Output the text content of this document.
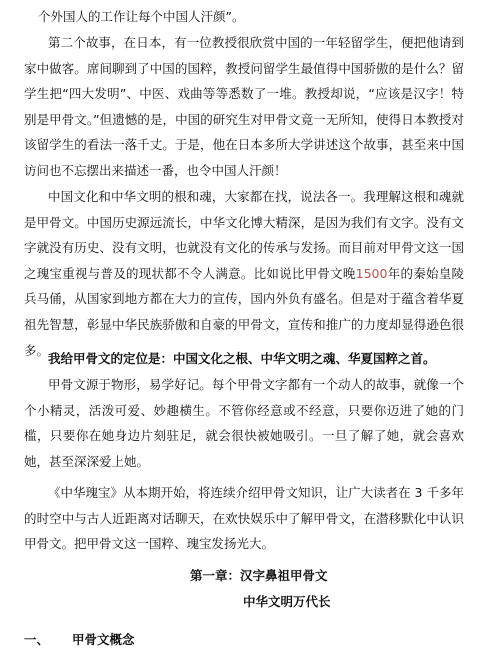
个外国人的工作让每个中国人汗颜”。

第二个故事，在日本，有一位教授很欣赏中国的一年轻留学生，便把他请到家中做客。席间聊到了中国的国粹，教授问留学生最值得中国骄傲的是什么？留学生把“四大发明”、中医、戏曲等等悉数了一堆。教授却说，“应该是汉字！特别是甲骨文。”但遗憾的是，中国的研究生对甲骨文竟一无所知，使得日本教授对该留学生的看法一落千丈。于是，他在日本多所大学讲述这个故事，甚至来中国访问也不忘摆出来描述一番，也令中国人汗颜！

中国文化和中华文明的根和魂，大家都在找，说法各一。我理解这根和魂就是甲骨文。中国历史源远流长，中华文化博大精深，是因为我们有文字。没有文字就没有历史、没有文明，也就没有文化的传承与发扬。而目前对甲骨文这一国之瑰宝重视与普及的现状都不令人满意。比如说比甲骨文晚1500年的秦始皇陵兵马俑，从国家到地方都在大力的宣传，国内外负有盛名。但是对于蕴含着华夏祖先智慧，彰显中华民族骄傲和自豪的甲骨文，宣传和推广的力度却显得逊色很多。

我给甲骨文的定位是：中国文化之根、中华文明之魂、华夏国粹之首。

甲骨文源于物形，易学好记。每个甲骨文字都有一个动人的故事，就像一个个小精灵，活泼可爱、妙趣横生。不管你经意或不经意，只要你迈进了她的门槛，只要你在她身边片刻驻足，就会很快被她吸引。一旦了解了她，就会喜欢她，甚至深深爱上她。

《中华瑰宝》从本期开始，将连续介绍甲骨文知识，让广大读者在 3 千多年的时空中与古人近距离对话聊天，在欢快娱乐中了解甲骨文，在潜移默化中认识甲骨文。把甲骨文这一国粹、瑰宝发扬光大。

第一章：汉字鼻祖甲骨文
中华文明万代长
一、 甲骨文概念
